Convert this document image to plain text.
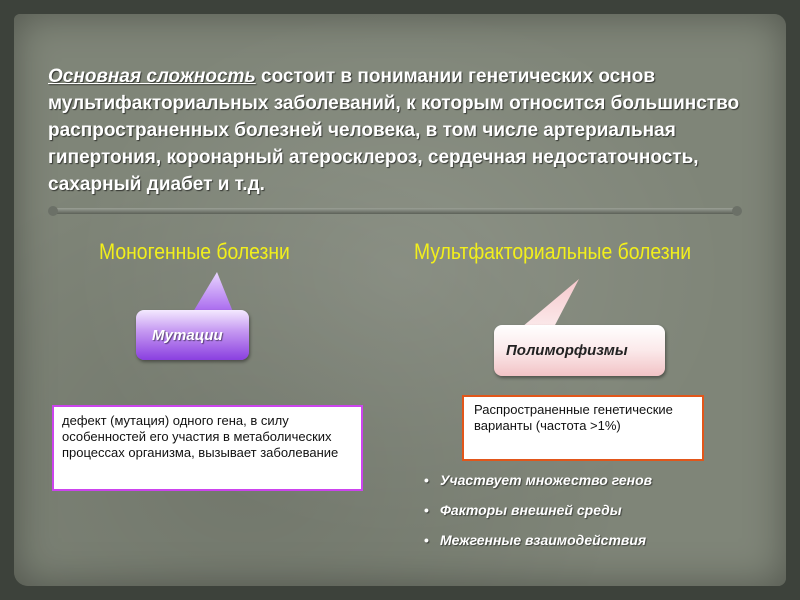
Основная сложность состоит в понимании генетических основ мультифакториальных заболеваний, к которым относится большинство распространенных болезней человека, в том числе артериальная гипертония, коронарный атеросклероз, сердечная недостаточность, сахарный диабет и т.д.

Моногенные болезни	Мультфакториальные болезни
Мутации
Полиморфизмы
дефект (мутация) одного гена, в силу особенностей его участия в метаболических процессах организма, вызывает заболевание
Распространенные генетические варианты (частота >1%)
• Участвует множество генов
• Факторы внешней среды
• Межгенные взаимодействия
